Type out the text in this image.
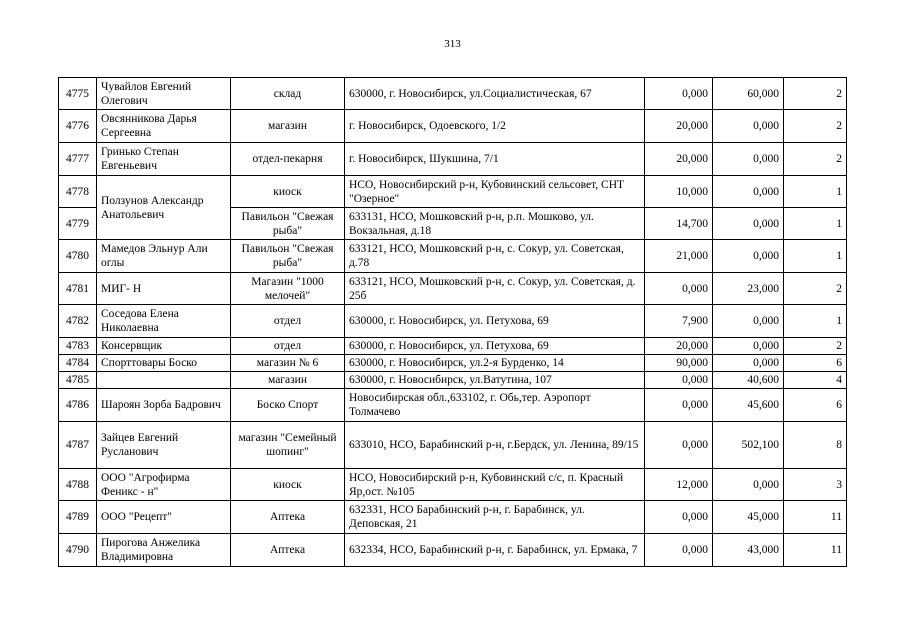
313
4775	Чувайлов Евгений Олегович	склад	630000, г. Новосибирск, ул.Социалистическая, 67	0,000	60,000	2
4776	Овсянникова Дарья Сергеевна	магазин	г. Новосибирск, Одоевского, 1/2	20,000	0,000	2
4777	Гринько Степан Евгеньевич	отдел-пекарня	г. Новосибирск, Шукшина, 7/1	20,000	0,000	2
4778	Ползунов Александр Анатольевич	киоск	НСО, Новосибирский р-н, Кубовинский сельсовет, СНТ "Озерное"	10,000	0,000	1
4779		Павильон "Свежая рыба"	633131, НСО, Мошковский р-н, р.п. Мошково, ул. Вокзальная, д.18	14,700	0,000	1
4780	Мамедов Эльнур Али оглы	Павильон "Свежая рыба"	633121, НСО, Мошковский р-н, с. Сокур, ул. Советская, д.78	21,000	0,000	1
4781	МИГ- Н	Магазин "1000 мелочей"	633121, НСО, Мошковский р-н, с. Сокур, ул. Советская, д. 25б	0,000	23,000	2
4782	Соседова Елена Николаевна	отдел	630000, г. Новосибирск, ул. Петухова, 69	7,900	0,000	1
4783	Консервщик	отдел	630000, г. Новосибирск, ул. Петухова, 69	20,000	0,000	2
4784	Спорттовары Боско	магазин № 6	630000, г. Новосибирск, ул.2-я Бурденко, 14	90,000	0,000	6
4785		магазин	630000, г. Новосибирск, ул.Ватутина, 107	0,000	40,600	4
4786	Шароян Зорба Бадрович	Боско Спорт	Новосибирская обл.,633102, г. Обь,тер. Аэропорт Толмачево	0,000	45,600	6
4787	Зайцев Евгений Русланович	магазин "Семейный шопинг"	633010, НСО, Барабинский р-н, г.Бердск, ул. Ленина, 89/15	0,000	502,100	8
4788	ООО "Агрофирма Феникс - н"	киоск	НСО, Новосибирский р-н, Кубовинский с/с, п. Красный Яр,ост. №105	12,000	0,000	3
4789	ООО "Рецепт"	Аптека	632331, НСО Барабинский р-н, г. Барабинск, ул. Деповская, 21	0,000	45,000	11
4790	Пирогова Анжелика Владимировна	Аптека	632334, НСО, Барабинский р-н, г. Барабинск, ул. Ермака, 7	0,000	43,000	11
